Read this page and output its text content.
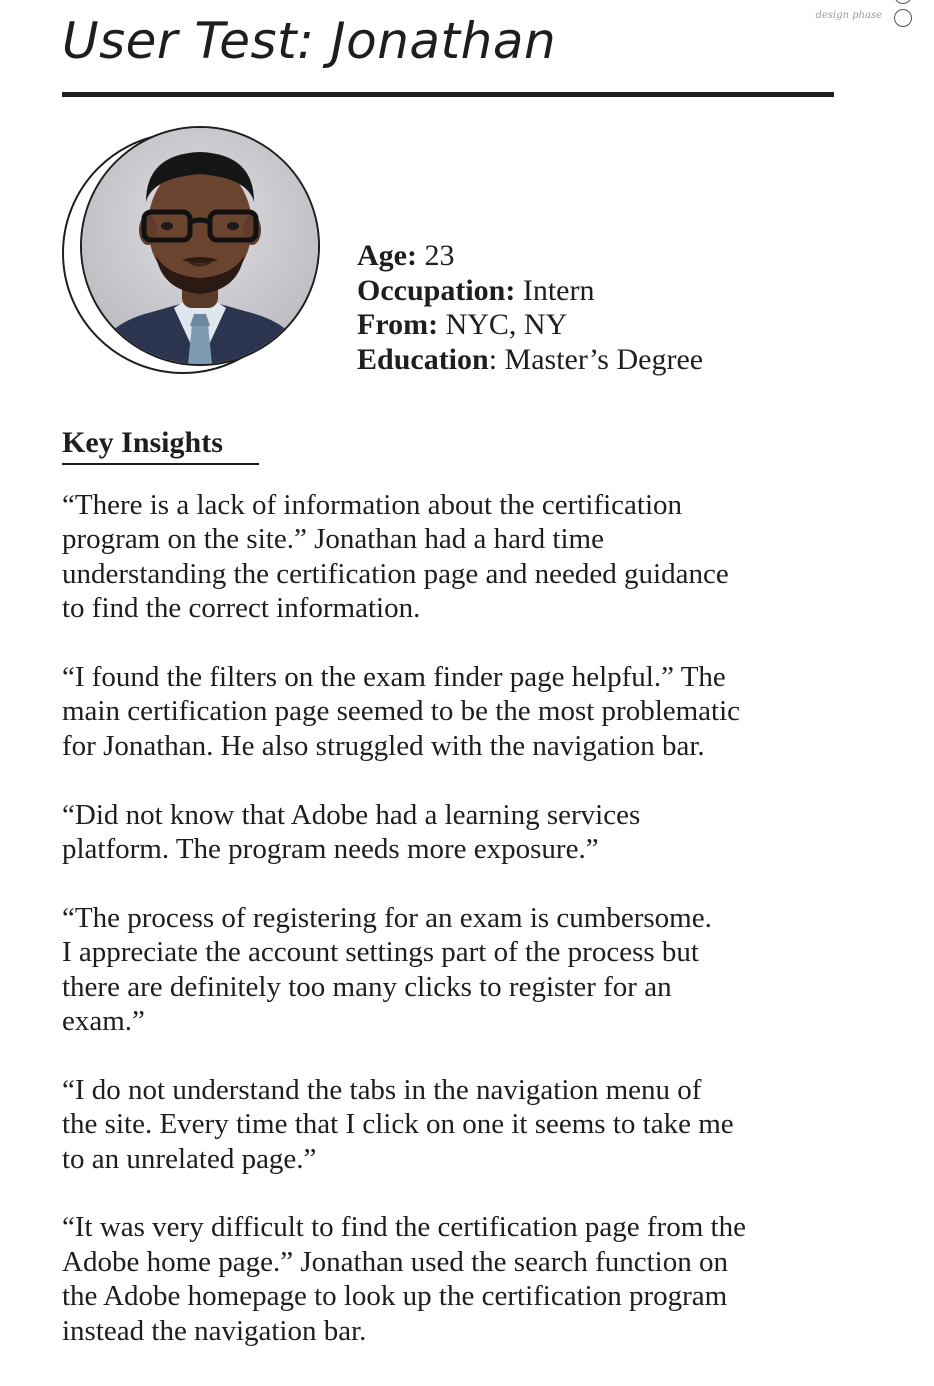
User Test: Jonathan	design phase
Age: 23
Occupation: Intern
From: NYC, NY
Education: Master’s Degree
Key Insights

“There is a lack of information about the certification
program on the site.” Jonathan had a hard time
understanding the certification page and needed guidance
to find the correct information.

“I found the filters on the exam finder page helpful.” The
main certification page seemed to be the most problematic
for Jonathan. He also struggled with the navigation bar.

“Did not know that Adobe had a learning services
platform. The program needs more exposure.”

“The process of registering for an exam is cumbersome.
I appreciate the account settings part of the process but
there are definitely too many clicks to register for an
exam.”

“I do not understand the tabs in the navigation menu of
the site. Every time that I click on one it seems to take me
to an unrelated page.”

“It was very difficult to find the certification page from the
Adobe home page.” Jonathan used the search function on
the Adobe homepage to look up the certification program
instead the navigation bar.
